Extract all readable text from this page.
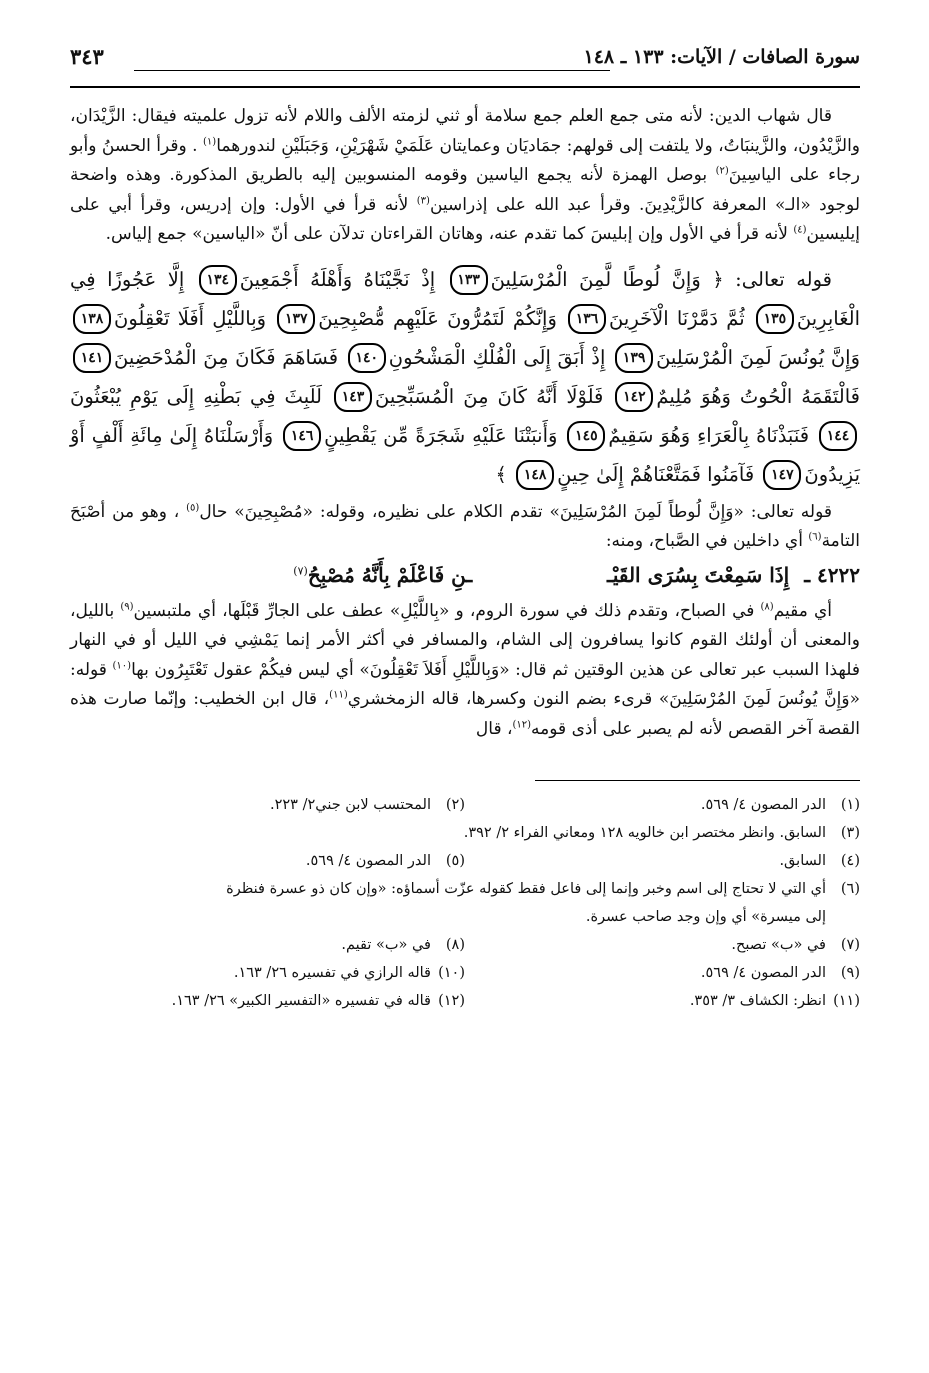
سورة الصافات / الآيات: ١٣٣ ـ ١٤٨
٣٤٣

قال شهاب الدين: لأنه متى جمع العلم جمع سلامة أو ثني لزمته الألف واللام لأنه تزول علميته فيقال: الزَّيْدَان، والزَّيْدُون، والزَّينبَاتُ، ولا يلتفت إلى قولهم: جمَاديَان وعمايتان عَلَمَيْ شَهْرَيْنِ، وَجَبَلَيْنِ لندورهما$^{(١)}$ . وقرأ الحسنُ وأبو رجاء على الياسِينَ$^{(٢)}$ بوصل الهمزة لأنه يجمع الياسين وقومه المنسوبين إليه بالطريق المذكورة. وهذه واضحة لوجود «الـ» المعرفة كالزَّيْدِينَ. وقرأ عبد الله على إذراسين$^{(٣)}$ لأنه قرأ في الأول: وإن إدريس، وقرأ أبي على إيليسين$^{(٤)}$ لأنه قرأ في الأول وإن إبليسَ كما تقدم عنه، وهاتان القراءتان تدلآن على أنّ «الياسين» جمع إلياس.

قوله تعالى: ﴿ وَإِنَّ لُوطًا لَّمِنَ الْمُرْسَلِينَ١٣٣ إِذْ نَجَّيْنَاهُ وَأَهْلَهُ أَجْمَعِينَ١٣٤ إِلَّا عَجُوزًا فِي الْغَابِرِينَ١٣٥ ثُمَّ دَمَّرْنَا الْآخَرِينَ١٣٦ وَإِنَّكُمْ لَتَمُرُّونَ عَلَيْهِم مُّصْبِحِينَ١٣٧ وَبِاللَّيْلِ أَفَلَا تَعْقِلُونَ١٣٨ وَإِنَّ يُونُسَ لَمِنَ الْمُرْسَلِينَ١٣٩ إِذْ أَبَقَ إِلَى الْفُلْكِ الْمَشْحُونِ١٤٠ فَسَاهَمَ فَكَانَ مِنَ الْمُدْحَضِينَ١٤١ فَالْتَقَمَهُ الْحُوتُ وَهُوَ مُلِيمٌ١٤٢ فَلَوْلَا أَنَّهُ كَانَ مِنَ الْمُسَبِّحِينَ١٤٣ لَلَبِثَ فِي بَطْنِهِ إِلَى يَوْمِ يُبْعَثُونَ١٤٤ فَنَبَذْنَاهُ بِالْعَرَاءِ وَهُوَ سَقِيمٌ١٤٥ وَأَنبَتْنَا عَلَيْهِ شَجَرَةً مِّن يَقْطِينٍ١٤٦ وَأَرْسَلْنَاهُ إِلَىٰ مِائَةِ أَلْفٍ أَوْ يَزِيدُونَ١٤٧ فَآمَنُوا فَمَتَّعْنَاهُمْ إِلَىٰ حِينٍ١٤٨ ﴾

قوله تعالى: «وَإِنَّ لُوطاً لَمِنَ المُرْسَلِينَ» تقدم الكلام على نظيره، وقوله: «مُصْبِحِينَ» حال$^{(٥)}$ ، وهو من أصْبَحَ التامة$^{(٦)}$ أي داخلين في الصَّباح، ومنه:

٤٢٢٢ ـ إِذَا سَمِعْتَ بِسُرَى القَيْـ ـنِ فَاعْلَمْ بِأَنَّهُ مُصْبِحُ$^{(٧)}$

أي مقيم$^{(٨)}$ في الصباح، وتقدم ذلك في سورة الروم، و «بِاللَّيْلِ» عطف على الجارِّ قَبْلَها، أي ملتبسين$^{(٩)}$ بالليل، والمعنى أن أولئك القوم كانوا يسافرون إلى الشام، والمسافر في أكثر الأمر إنما يَمْشِي في الليل أو في النهار فلهذا السبب عبر تعالى عن هذين الوقتين ثم قال: «وَبِاللَّيْلِ أَفَلاَ تَعْقِلُونَ» أي ليس فيكُمْ عقول تَعْتَبِرُون بها$^{(١٠)}$ قوله: «وَإِنَّ يُونُسَ لَمِنَ المُرْسَلِينَ» قرىء بضم النون وكسرها، قاله الزمخشري$^{(١١)}$، قال ابن الخطيب: وإنّما صارت هذه القصة آخر القصص لأنه لم يصبر على أذى قومه$^{(١٢)}$، قال

(١)الدر المصون ٤/ ٥٦٩.
(٢)المحتسب لابن جني٢/ ٢٢٣.
(٣)السابق. وانظر مختصر ابن خالويه ١٢٨ ومعاني الفراء ٢/ ٣٩٢.
(٤)السابق.
(٥)الدر المصون ٤/ ٥٦٩.
(٦)أي التي لا تحتاج إلى اسم وخبر وإنما إلى فاعل فقط كقوله عزّت أسماؤه: «وإن كان ذو عسرة فنظرة
إلى ميسرة» أي وإن وجد صاحب عسرة.
(٧)في «ب» تصبح.
(٨)في «ب» تقيم.
(٩)الدر المصون ٤/ ٥٦٩.
(١٠)قاله الرازي في تفسيره ٢٦/ ١٦٣.
(١١)انظر: الكشاف ٣/ ٣٥٣.
(١٢)قاله في تفسيره «التفسير الكبير» ٢٦/ ١٦٣.
